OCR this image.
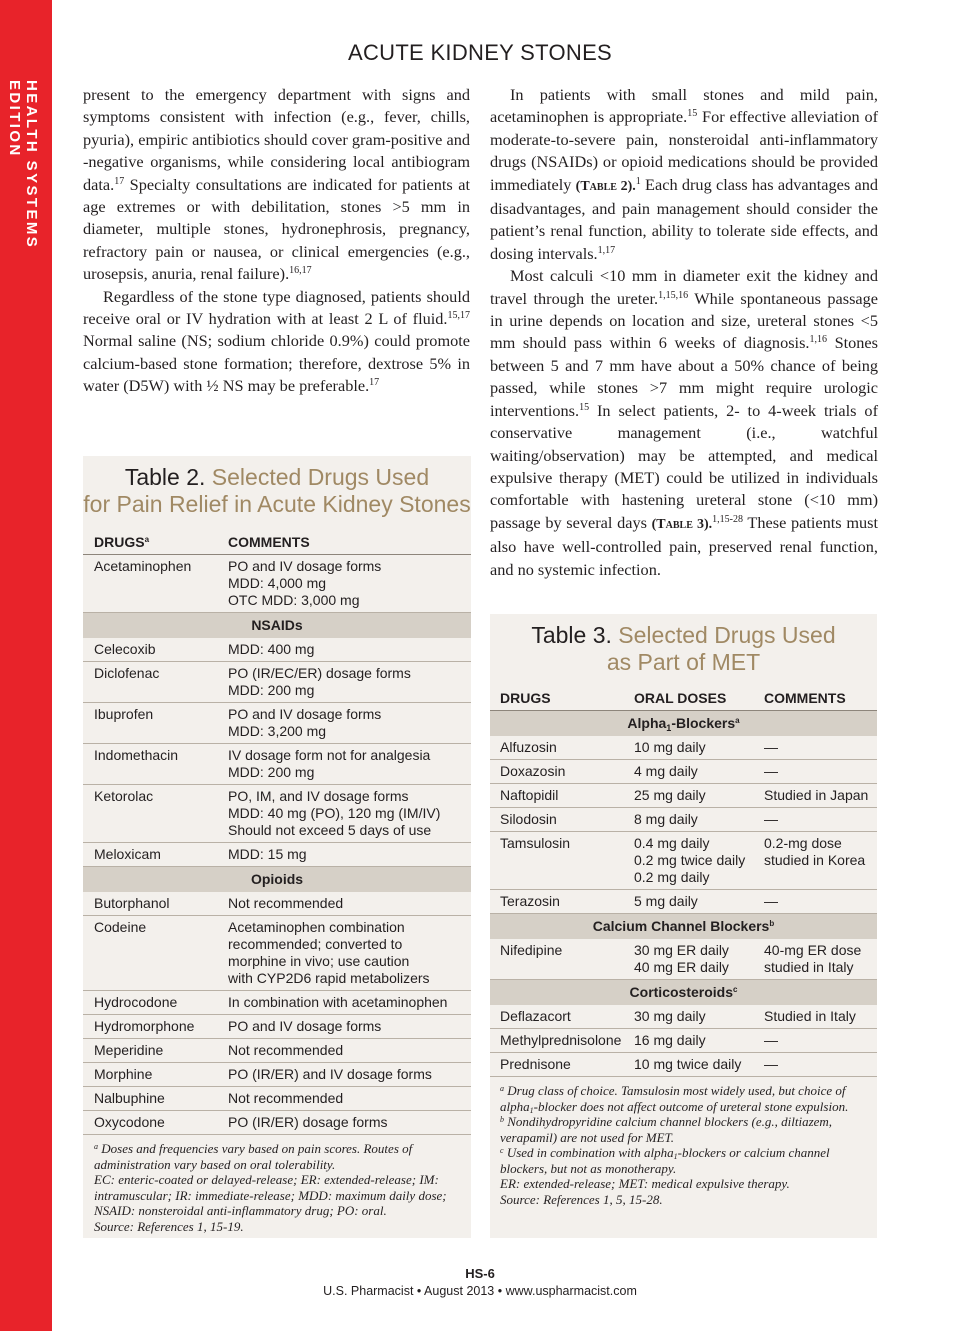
HEALTH SYSTEMS EDITION
ACUTE KIDNEY STONES

present to the emergency department with signs and symptoms consistent with infection (e.g., fever, chills, pyuria), empiric antibiotics should cover gram-positive and -negative organisms, while considering local antibiogram data.$^{17}$ Specialty consultations are indicated for patients at age extremes or with debilitation, stones >5 mm in diameter, multiple stones, hydronephrosis, pregnancy, refractory pain or nausea, or clinical emergencies (e.g., urosepsis, anuria, renal failure).$^{16,17}$

Regardless of the stone type diagnosed, patients should receive oral or IV hydration with at least 2 L of fluid.$^{15,17}$ Normal saline (NS; sodium chloride 0.9%) could promote calcium-based stone formation; therefore, dextrose 5% in water (D5W) with ½ NS may be preferable.$^{17}$

In patients with small stones and mild pain, acetaminophen is appropriate.$^{15}$ For effective alleviation of moderate-to-severe pain, nonsteroidal anti-inflammatory drugs (NSAIDs) or opioid medications should be provided immediately (Table 2).$^1$ Each drug class has advantages and disadvantages, and pain management should consider the patient’s renal function, ability to tolerate side effects, and dosing intervals.$^{1,17}$

Most calculi <10 mm in diameter exit the kidney and travel through the ureter.$^{1,15,16}$ While spontaneous passage in urine depends on location and size, ureteral stones <5 mm should pass within 6 weeks of diagnosis.$^{1,16}$ Stones between 5 and 7 mm have about a 50% chance of being passed, while stones >7 mm might require urologic interventions.$^{15}$ In select patients, 2- to 4-week trials of conservative management (i.e., watchful waiting/observation) may be attempted, and medical expulsive therapy (MET) could be utilized in individuals comfortable with hastening ureteral stone (<10 mm) passage by several days (Table 3).$^{1,15-28}$ These patients must also have well-controlled pain, preserved renal function, and no systemic infection.

Table 2. Selected Drugs Used
for Pain Relief in Acute Kidney Stones
DRUGS$^a$	COMMENTS
Acetaminophen	PO and IV dosage forms
MDD: 4,000 mg
OTC MDD: 3,000 mg
NSAIDs	
Celecoxib	MDD: 400 mg
Diclofenac	PO (IR/EC/ER) dosage forms
MDD: 200 mg
Ibuprofen	PO and IV dosage forms
MDD: 3,200 mg
Indomethacin	IV dosage form not for analgesia
MDD: 200 mg
Ketorolac	PO, IM, and IV dosage forms
MDD: 40 mg (PO), 120 mg (IM/IV)
Should not exceed 5 days of use
Meloxicam	MDD: 15 mg
Opioids	
Butorphanol	Not recommended
Codeine	Acetaminophen combination
recommended; converted to
morphine in vivo; use caution
with CYP2D6 rapid metabolizers
Hydrocodone	In combination with acetaminophen
Hydromorphone	PO and IV dosage forms
Meperidine	Not recommended
Morphine	PO (IR/ER) and IV dosage forms
Nalbuphine	Not recommended
Oxycodone	PO (IR/ER) dosage forms
$^a$ Doses and frequencies vary based on pain scores. Routes of administration vary based on oral tolerability.
EC: enteric-coated or delayed-release; ER: extended-release; IM: intramuscular; IR: immediate-release; MDD: maximum daily dose; NSAID: nonsteroidal anti-inflammatory drug; PO: oral.
Source: References 1, 15-19.
Table 3. Selected Drugs Used
as Part of MET
DRUGS	ORAL DOSES	COMMENTS
Alpha$_1$-Blockers$^a$
Alfuzosin	10 mg daily	—
Doxazosin	4 mg daily	—
Naftopidil	25 mg daily	Studied in Japan
Silodosin	8 mg daily	—
Tamsulosin	0.4 mg daily
0.2 mg twice daily
0.2 mg daily	0.2-mg dose
studied in Korea
Terazosin	5 mg daily	—
Calcium Channel Blockers$^b$
Nifedipine	30 mg ER daily
40 mg ER daily	40-mg ER dose
studied in Italy
Corticosteroids$^c$
Deflazacort	30 mg daily	Studied in Italy
Methylprednisolone	16 mg daily	—
Prednisone	10 mg twice daily	—
$^a$ Drug class of choice. Tamsulosin most widely used, but choice of alpha$_1$-blocker does not affect outcome of ureteral stone expulsion.
$^b$ Nondihydropyridine calcium channel blockers (e.g., diltiazem, verapamil) are not used for MET.
$^c$ Used in combination with alpha$_1$-blockers or calcium channel blockers, but not as monotherapy.
ER: extended-release; MET: medical expulsive therapy.
Source: References 1, 5, 15-28.
HS-6
U.S. Pharmacist • August 2013 • www.uspharmacist.com
